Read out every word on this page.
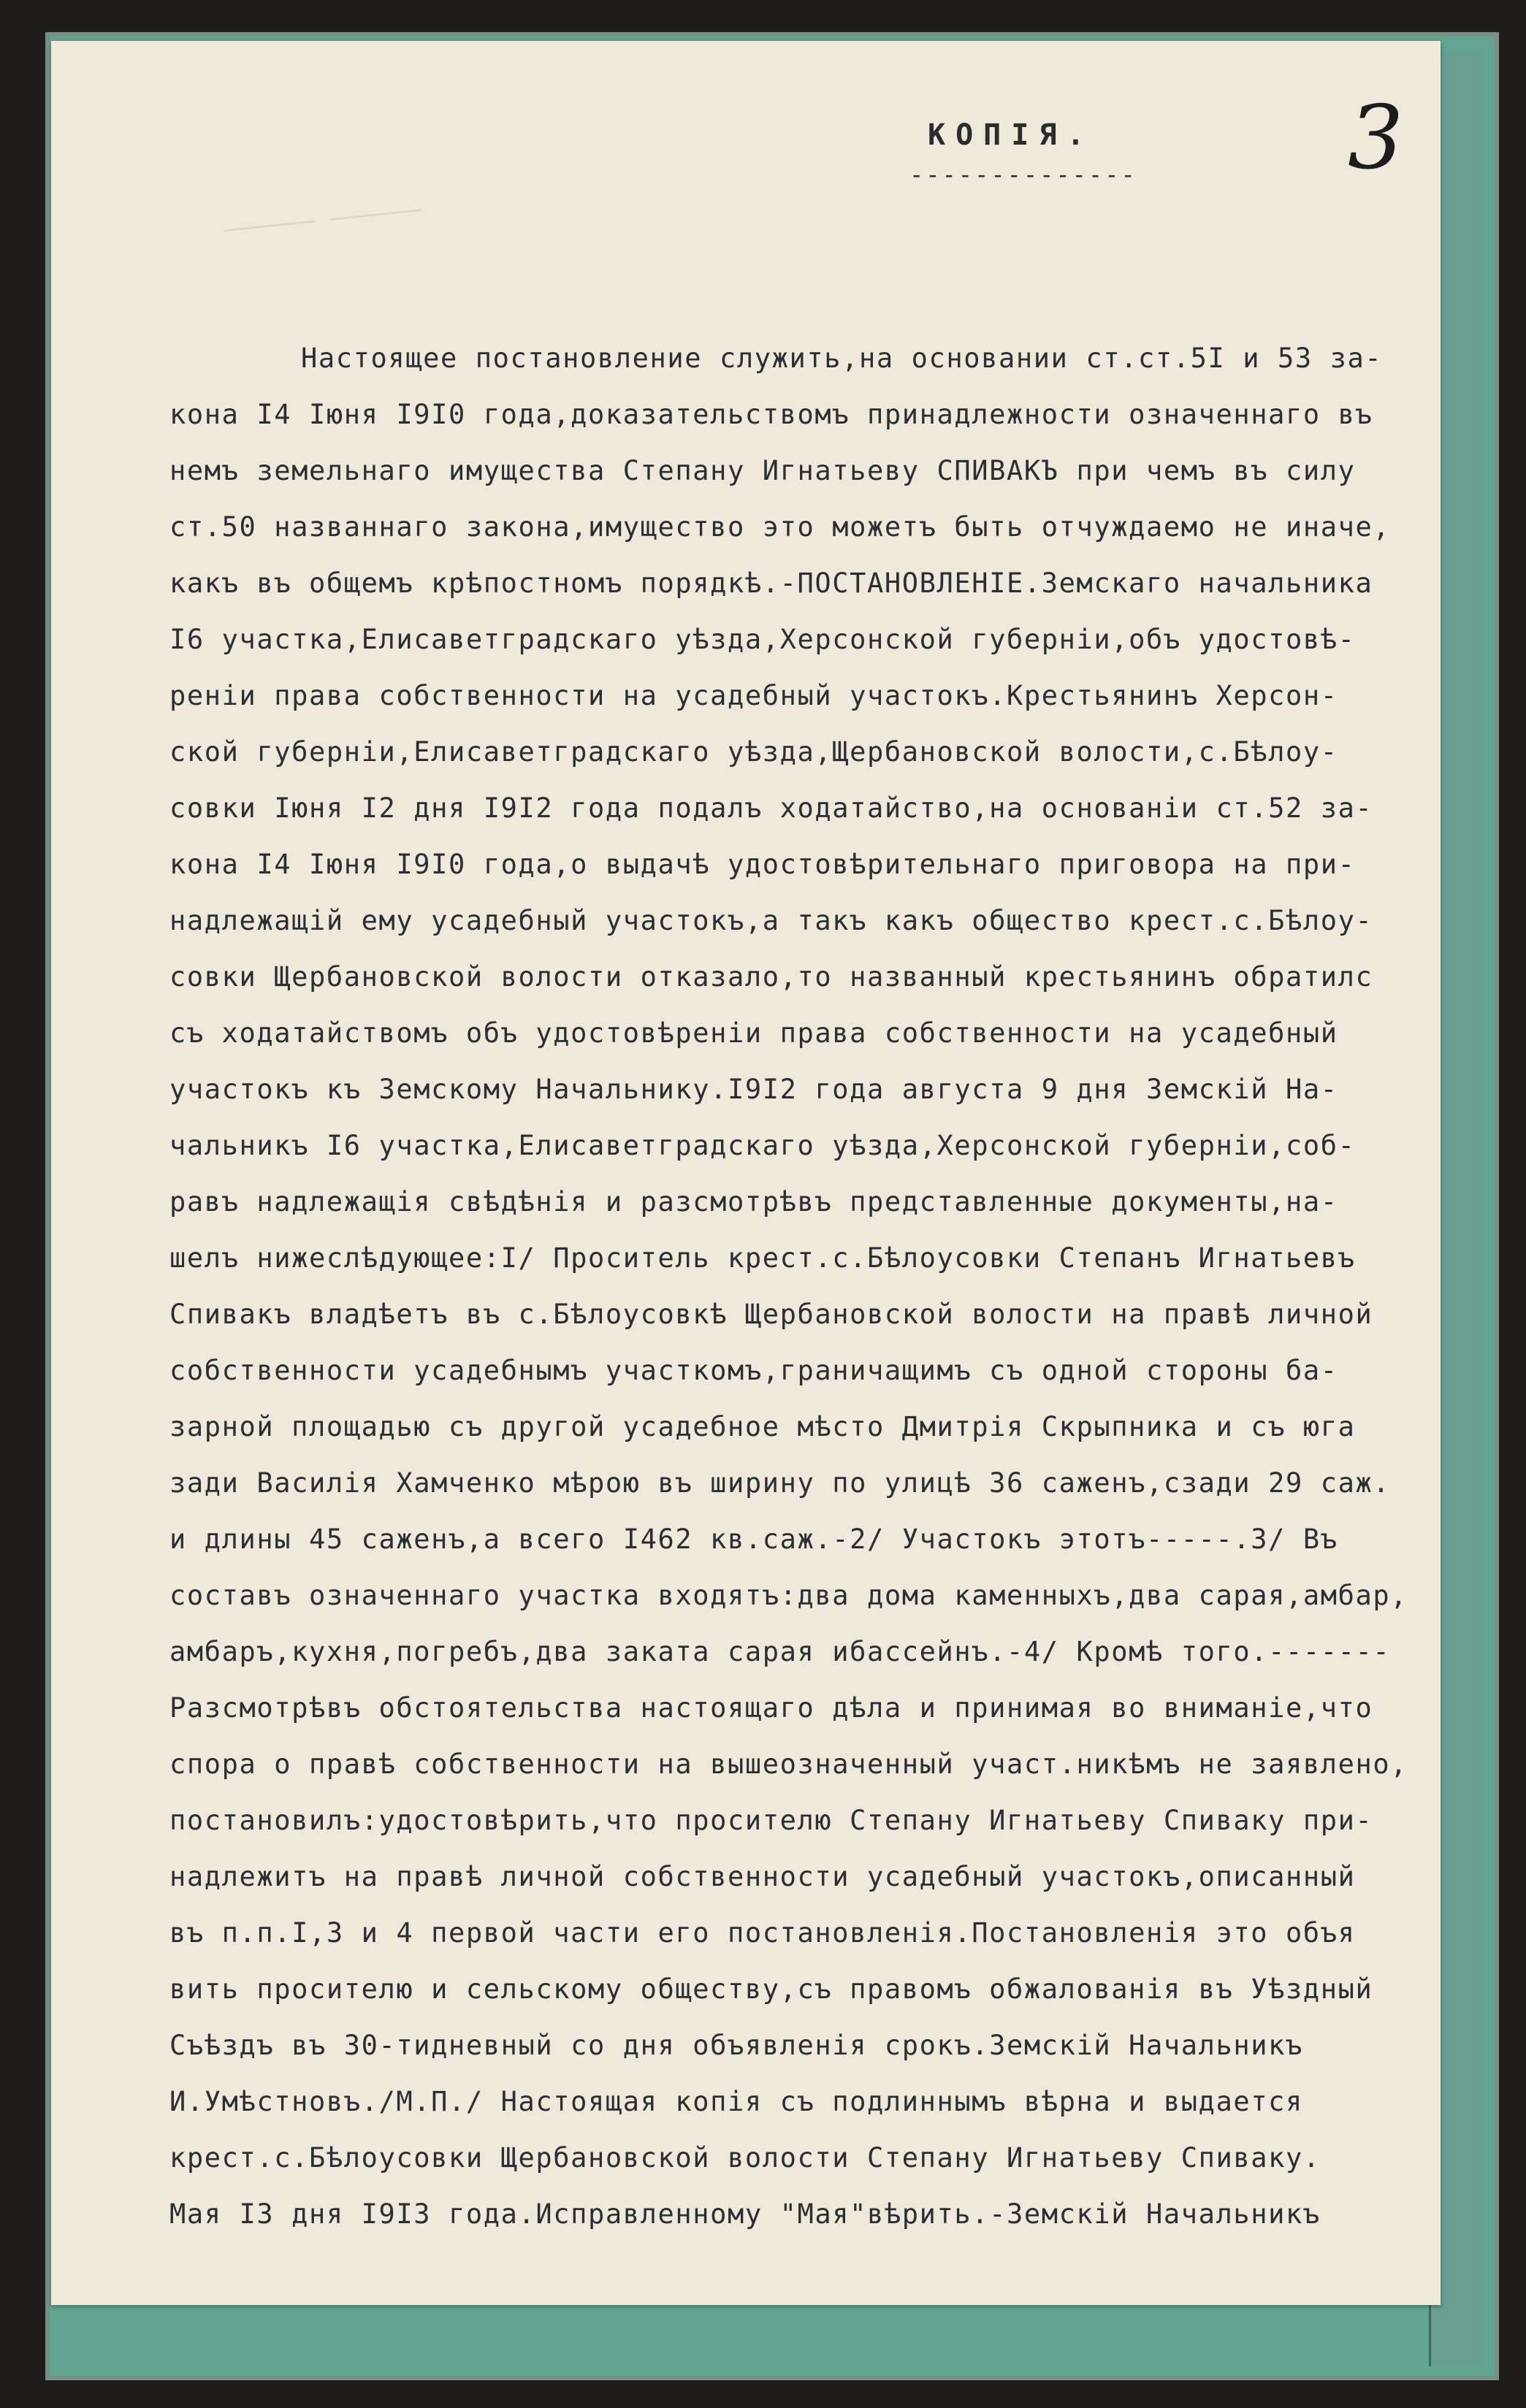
⸻ ⸻
КОПІЯ.
-------------- 3
Настоящее постановление служить,на основании ст.ст.5I и 53 за-
кона I4 Іюня I9I0 года,доказательствомъ принадлежности означеннаго въ
немъ земельнаго имущества Степану Игнатьеву СПИВАКЪ при чемъ въ силу
ст.50 названнаго закона,имущество это можетъ быть отчуждаемо не иначе,
какъ въ общемъ крѣпостномъ порядкѣ.-ПОСТАНОВЛЕНІЕ.Земскаго начальника
I6 участка,Елисаветградскаго уѣзда,Херсонской губерніи,объ удостовѣ-
реніи права собственности на усадебный участокъ.Крестьянинъ Херсон-
ской губерніи,Елисаветградскаго уѣзда,Щербановской волости,с.Бѣлоу-
совки Іюня I2 дня I9I2 года подалъ ходатайство,на основаніи ст.52 за-
кона I4 Іюня I9I0 года,о выдачѣ удостовѣрительнаго приговора на при-
надлежащій ему усадебный участокъ,а такъ какъ общество крест.с.Бѣлоу-
совки Щербановской волости отказало,то названный крестьянинъ обратилс
съ ходатайствомъ объ удостовѣреніи права собственности на усадебный
участокъ къ Земскому Начальнику.I9I2 года августа 9 дня Земскій На-
чальникъ I6 участка,Елисаветградскаго уѣзда,Херсонской губерніи,соб-
равъ надлежащія свѣдѣнія и разсмотрѣвъ представленные документы,на-
шелъ нижеслѣдующее:I/ Проситель крест.с.Бѣлоусовки Степанъ Игнатьевъ
Спивакъ владѣетъ въ с.Бѣлоусовкѣ Щербановской волости на правѣ личной
собственности усадебнымъ участкомъ,граничащимъ съ одной стороны ба-
зарной площадью съ другой усадебное мѣсто Дмитрія Скрыпника и съ юга
зади Василія Хамченко мѣрою въ ширину по улицѣ 36 саженъ,сзади 29 саж.
и длины 45 саженъ,а всего I462 кв.саж.-2/ Участокъ этотъ-----.3/ Въ
составъ означеннаго участка входятъ:два дома каменныхъ,два сарая,амбар,
амбаръ,кухня,погребъ,два заката сарая ибассейнъ.-4/ Кромѣ того.-------
Разсмотрѣвъ обстоятельства настоящаго дѣла и принимая во вниманіе,что
спора о правѣ собственности на вышеозначенный участ.никѣмъ не заявлено,
постановилъ:удостовѣрить,что просителю Степану Игнатьеву Спиваку при-
надлежитъ на правѣ личной собственности усадебный участокъ,описанный
въ п.п.I,3 и 4 первой части его постановленія.Постановленія это объя
вить просителю и сельскому обществу,съ правомъ обжалованія въ Уѣздный
Съѣздъ въ 30-тидневный со дня объявленія срокъ.Земскій Начальникъ
И.Умѣстновъ./М.П./ Настоящая копія съ подлиннымъ вѣрна и выдается
крест.с.Бѣлоусовки Щербановской волости Степану Игнатьеву Спиваку.
Мая I3 дня I9I3 года.Исправленному "Мая"вѣрить.-Земскій Начальникъ
